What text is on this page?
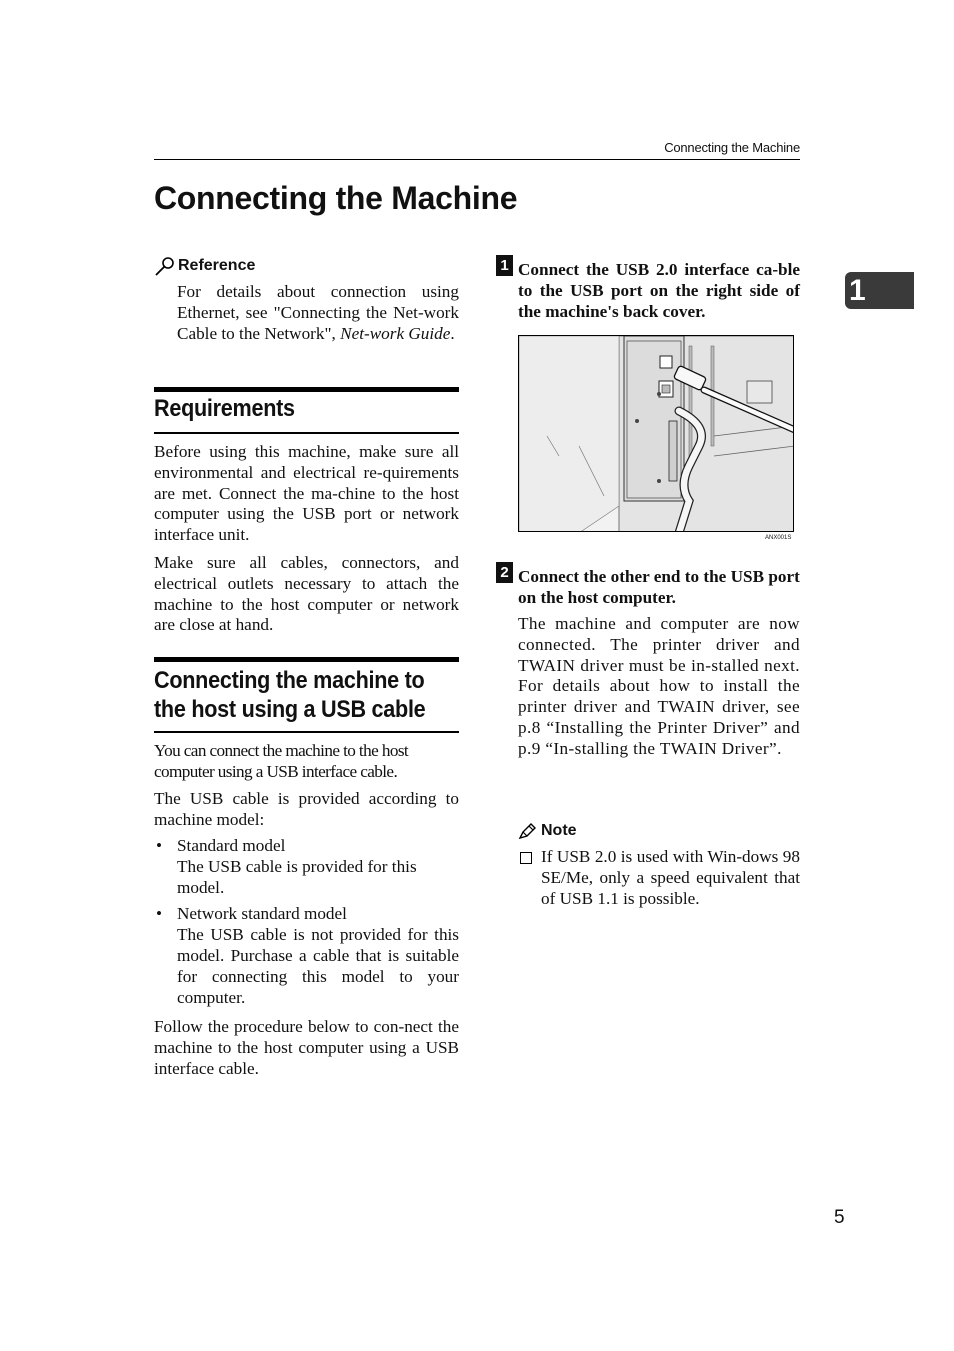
Connecting the Machine
Connecting the Machine
1
Reference

For details about connection using Ethernet, see "Connecting the Net-work Cable to the Network", Net-work Guide.

Requirements

Before using this machine, make sure all environmental and electrical re-quirements are met. Connect the ma-chine to the host computer using the USB port or network interface unit.

Make sure all cables, connectors, and electrical outlets necessary to attach the machine to the host computer or network are close at hand.

Connecting the machine to the host using a USB cable

You can connect the machine to the host computer using a USB interface cable.

The USB cable is provided according to machine model:

• Standard model
The USB cable is provided for this model.
• Network standard model
The USB cable is not provided for this model. Purchase a cable that is suitable for connecting this model to your computer.

Follow the procedure below to con-nect the machine to the host computer using a USB interface cable.

1 Connect the USB 2.0 interface ca-ble to the USB port on the right side of the machine's back cover.

ANX001S
2 Connect the other end to the USB port on the host computer.

The machine and computer are now connected. The printer driver and TWAIN driver must be in-stalled next. For details about how to install the printer driver and TWAIN driver, see p.8 “Installing the Printer Driver” and p.9 “In-stalling the TWAIN Driver”.

Note

If USB 2.0 is used with Win-dows 98 SE/Me, only a speed equivalent that of USB 1.1 is possible.

5
